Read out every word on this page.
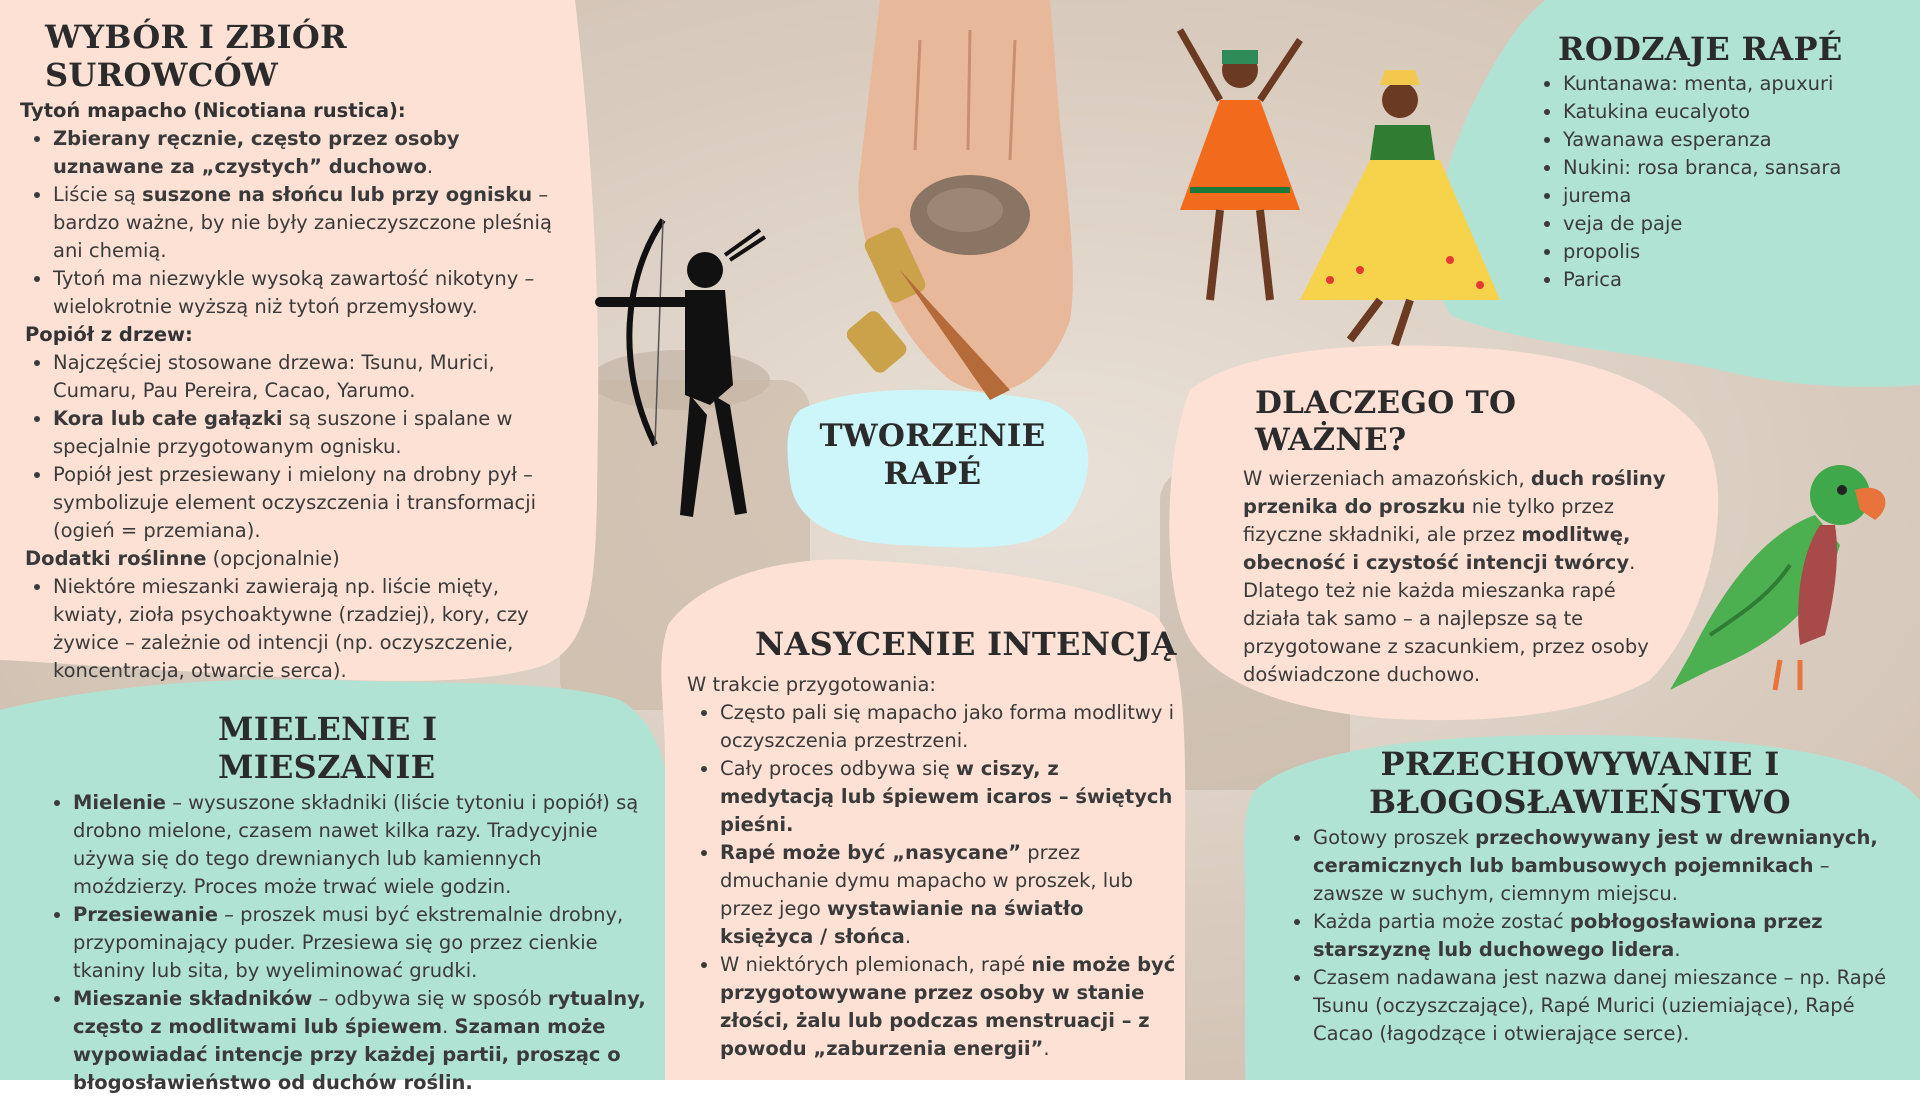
TWORZENIE
RAPÉ
WYBÓR I ZBIÓR SUROWCÓW
Tytoń mapacho (Nicotiana rustica):
• Zbierany ręcznie, często przez osoby uznawane za „czystych” duchowo.
• Liście są suszone na słońcu lub przy ognisku – bardzo ważne, by nie były zanieczyszczone pleśnią ani chemią.
• Tytoń ma niezwykle wysoką zawartość nikotyny – wielokrotnie wyższą niż tytoń przemysłowy.
Popiół z drzew:
• Najczęściej stosowane drzewa: Tsunu, Murici, Cumaru, Pau Pereira, Cacao, Yarumo.
• Kora lub całe gałązki są suszone i spalane w specjalnie przygotowanym ognisku.
• Popiół jest przesiewany i mielony na drobny pył – symbolizuje element oczyszczenia i transformacji (ogień = przemiana).
Dodatki roślinne (opcjonalnie)
• Niektóre mieszanki zawierają np. liście mięty, kwiaty, zioła psychoaktywne (rzadziej), kory, czy żywice – zależnie od intencji (np. oczyszczenie, koncentracja, otwarcie serca).
RODZAJE RAPÉ
• Kuntanawa: menta, apuxuri
• Katukina eucalyoto
• Yawanawa esperanza
• Nukini: rosa branca, sansara
• jurema
• veja de paje
• propolis
• Parica
DLACZEGO TO WAŻNE?
W wierzeniach amazońskich, duch rośliny przenika do proszku nie tylko przez fizyczne składniki, ale przez modlitwę, obecność i czystość intencji twórcy. Dlatego też nie każda mieszanka rapé działa tak samo – a najlepsze są te przygotowane z szacunkiem, przez osoby doświadczone duchowo.
MIELENIE I MIESZANIE
• Mielenie – wysuszone składniki (liście tytoniu i popiół) są drobno mielone, czasem nawet kilka razy. Tradycyjnie używa się do tego drewnianych lub kamiennych moździerzy. Proces może trwać wiele godzin.
• Przesiewanie – proszek musi być ekstremalnie drobny, przypominający puder. Przesiewa się go przez cienkie tkaniny lub sita, by wyeliminować grudki.
• Mieszanie składników – odbywa się w sposób rytualny, często z modlitwami lub śpiewem. Szaman może wypowiadać intencje przy każdej partii, prosząc o błogosławieństwo od duchów roślin.
NASYCENIE INTENCJĄ
W trakcie przygotowania:
• Często pali się mapacho jako forma modlitwy i oczyszczenia przestrzeni.
• Cały proces odbywa się w ciszy, z medytacją lub śpiewem icaros – świętych pieśni.
• Rapé może być „nasycane” przez dmuchanie dymu mapacho w proszek, lub przez jego wystawianie na światło księżyca / słońca.
• W niektórych plemionach, rapé nie może być przygotowywane przez osoby w stanie złości, żalu lub podczas menstruacji – z powodu „zaburzenia energii”.
PRZECHOWYWANIE I
BŁOGOSŁAWIEŃSTWO
• Gotowy proszek przechowywany jest w drewnianych, ceramicznych lub bambusowych pojemnikach – zawsze w suchym, ciemnym miejscu.
• Każda partia może zostać pobłogosławiona przez starszyznę lub duchowego lidera.
• Czasem nadawana jest nazwa danej mieszance – np. Rapé Tsunu (oczyszczające), Rapé Murici (uziemiające), Rapé Cacao (łagodzące i otwierające serce).
